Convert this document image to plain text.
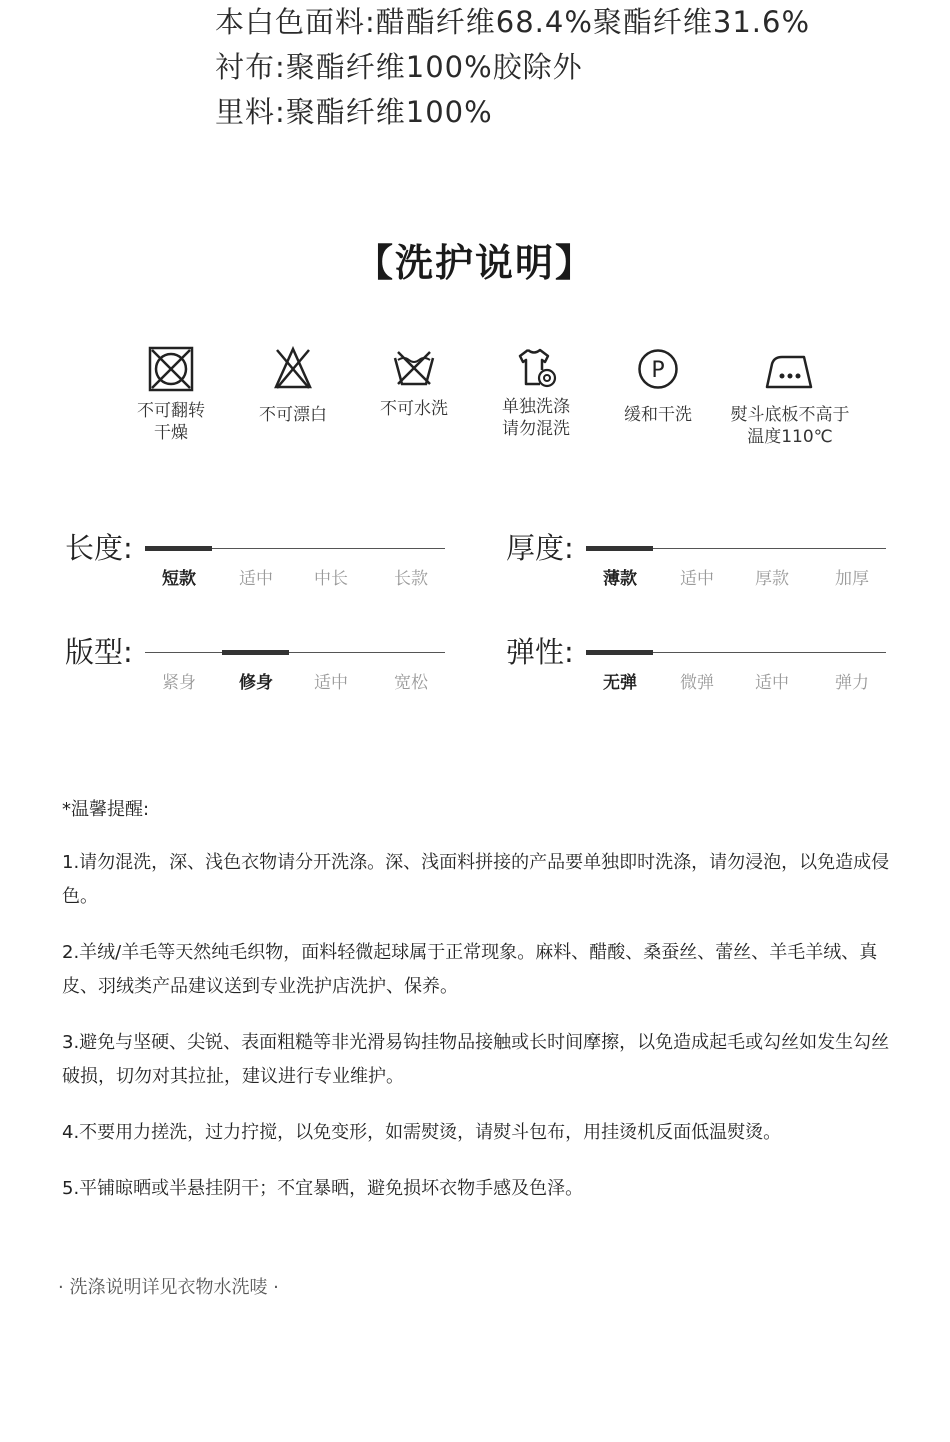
本白色面料:醋酯纤维68.4%聚酯纤维31.6%
衬布:聚酯纤维100%胶除外
里料:聚酯纤维100%
【洗护说明】
不可翻转
干燥
不可漂白	不可水洗	单独洗涤
请勿混洗
P
缓和干洗	熨斗底板不高于
温度110℃
长度:
短款	适中	中长	长款
厚度:
薄款	适中	厚款	加厚
版型:
紧身	修身	适中	宽松
弹性:
无弹	微弹	适中	弹力
*温馨提醒:
1.请勿混洗，深、浅色衣物请分开洗涤。深、浅面料拼接的产品要单独即时洗涤，请勿浸泡，以免造成侵色。
2.羊绒/羊毛等天然纯毛织物，面料轻微起球属于正常现象。麻料、醋酸、桑蚕丝、蕾丝、羊毛羊绒、真皮、羽绒类产品建议送到专业洗护店洗护、保养。
3.避免与坚硬、尖锐、表面粗糙等非光滑易钩挂物品接触或长时间摩擦，以免造成起毛或勾丝如发生勾丝破损，切勿对其拉扯，建议进行专业维护。
4.不要用力搓洗，过力拧搅，以免变形，如需熨烫，请熨斗包布，用挂烫机反面低温熨烫。
5.平铺晾晒或半悬挂阴干；不宜暴晒，避免损坏衣物手感及色泽。
· 洗涤说明详见衣物水洗唛 ·
